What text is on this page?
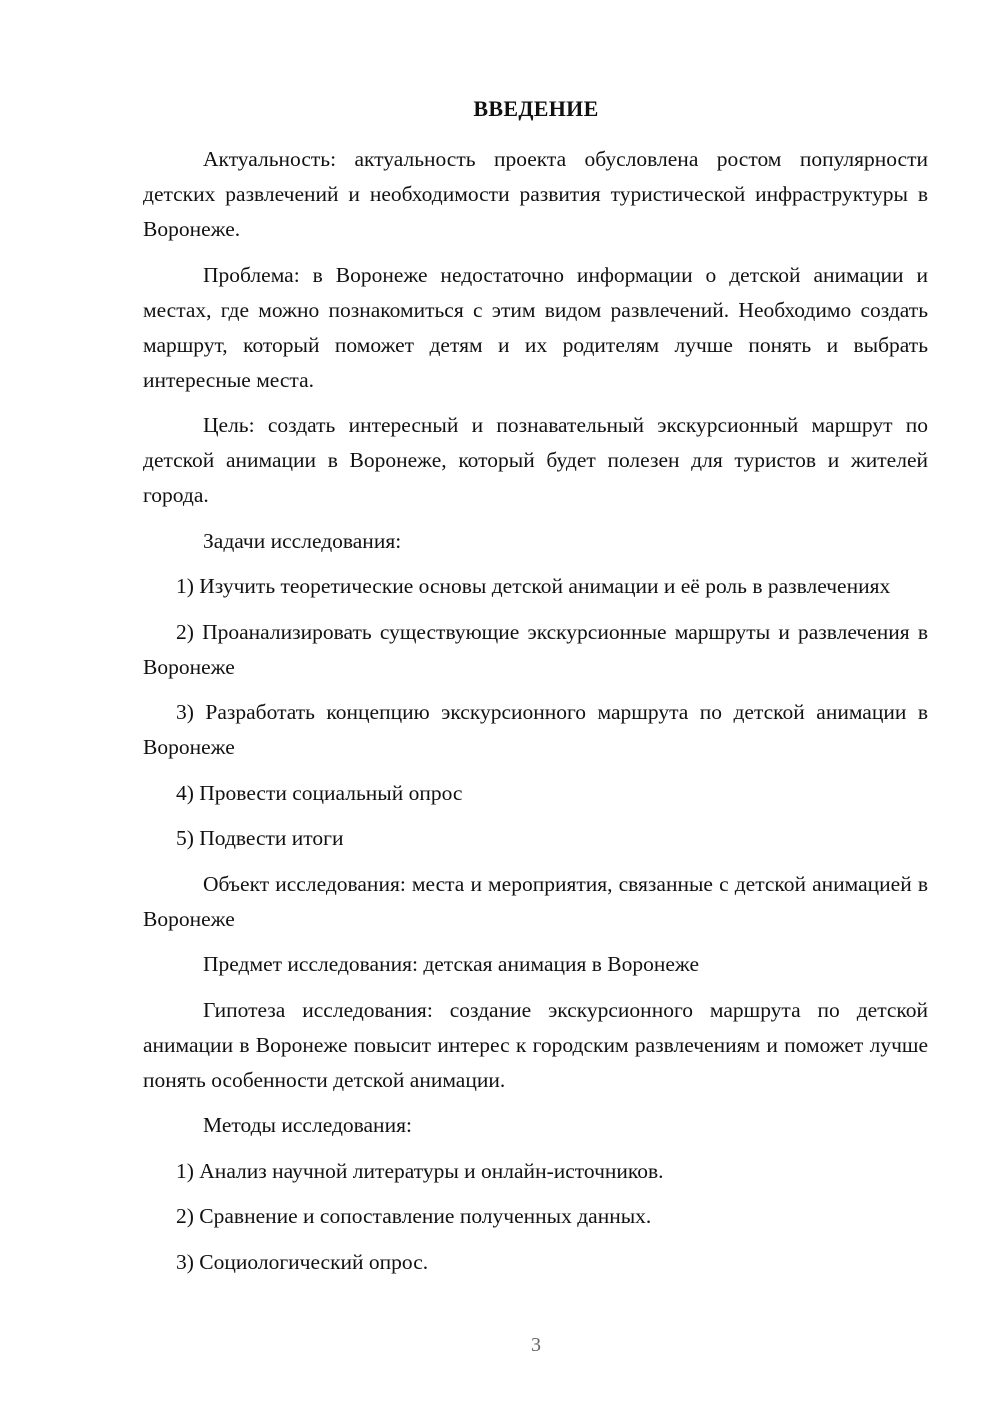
ВВЕДЕНИЕ

Актуальность: актуальность проекта обусловлена ростом популярности детских развлечений и необходимости развития туристической инфраструктуры в Воронеже.

Проблема: в Воронеже недостаточно информации о детской анимации и местах, где можно познакомиться с этим видом развлечений. Необходимо создать маршрут, который поможет детям и их родителям лучше понять и выбрать интересные места.

Цель: создать интересный и познавательный экскурсионный маршрут по детской анимации в Воронеже, который будет полезен для туристов и жителей города.

Задачи исследования:

1) Изучить теоретические основы детской анимации и её роль в развлечениях

2) Проанализировать существующие экскурсионные маршруты и развлечения в Воронеже

3) Разработать концепцию экскурсионного маршрута по детской анимации в Воронеже

4) Провести социальный опрос

5) Подвести итоги

Объект исследования: места и мероприятия, связанные с детской анимацией в Воронеже

Предмет исследования: детская анимация в Воронеже

Гипотеза исследования: создание экскурсионного маршрута по детской анимации в Воронеже повысит интерес к городским развлечениям и поможет лучше понять особенности детской анимации.

Методы исследования:

1) Анализ научной литературы и онлайн-источников.

2) Сравнение и сопоставление полученных данных.

3) Социологический опрос.

3
